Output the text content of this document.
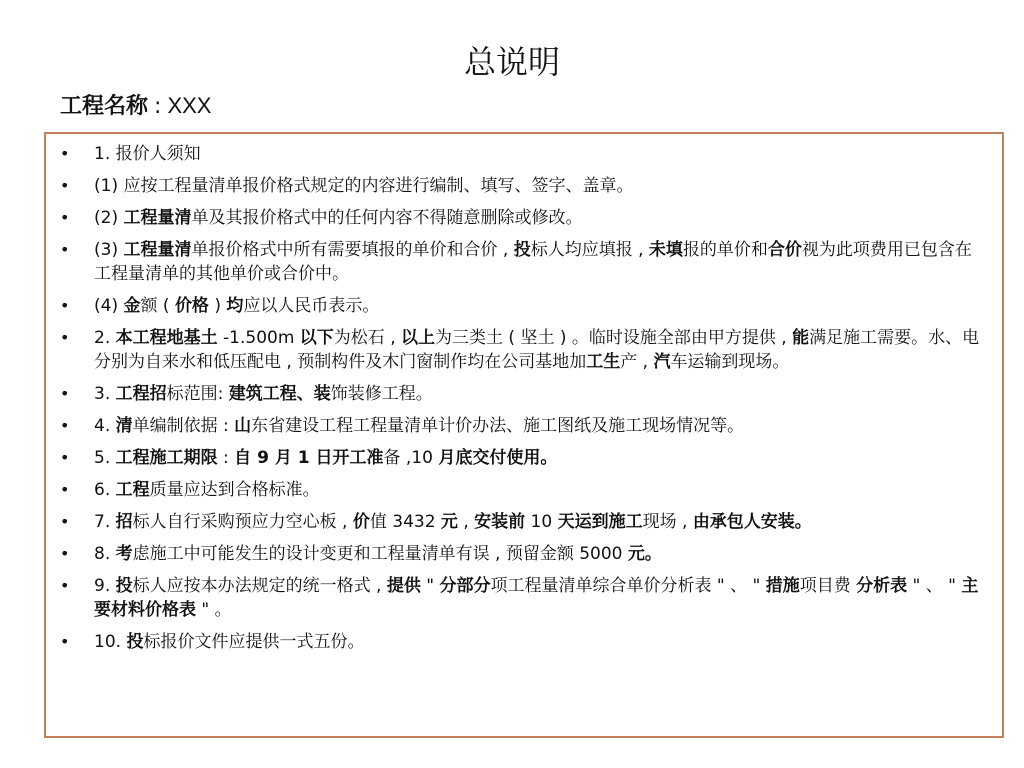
总说明
工程名称 : XXX
• 1. 报价人须知
• (1) 应按工程量清单报价格式规定的内容进行编制、填写、签字、盖章。
• (2) 工程量清单及其报价格式中的任何内容不得随意删除或修改。
• (3) 工程量清单报价格式中所有需要填报的单价和合价 , 投标人均应填报 , 未填报的单价和合价视为此项费用已包含在工程量清单的其他单价或合价中。
• (4) 金额 ( 价格 ) 均应以人民币表示。
• 2. 本工程地基土 -1.500m 以下为松石 , 以上为三类土 ( 坚土 ) 。临时设施全部由甲方提供 , 能满足施工需要。水、电分别为自来水和低压配电 , 预制构件及木门窗制作均在公司基地加工生产 , 汽车运输到现场。
• 3. 工程招标范围: 建筑工程、装饰装修工程。
• 4. 清单编制依据 : 山东省建设工程工程量清单计价办法、施工图纸及施工现场情况等。
• 5. 工程施工期限 : 自 9 月 1 日开工准备 ,10 月底交付使用。
• 6. 工程质量应达到合格标准。
• 7. 招标人自行采购预应力空心板 , 价值 3432 元 , 安装前 10 天运到施工现场 , 由承包人安装。
• 8. 考虑施工中可能发生的设计变更和工程量清单有误 , 预留金额 5000 元。
• 9. 投标人应按本办法规定的统一格式 , 提供 " 分部分项工程量清单综合单价分析表 " 、 " 措施项目费 分析表 " 、 " 主要材料价格表 " 。
• 10. 投标报价文件应提供一式五份。
